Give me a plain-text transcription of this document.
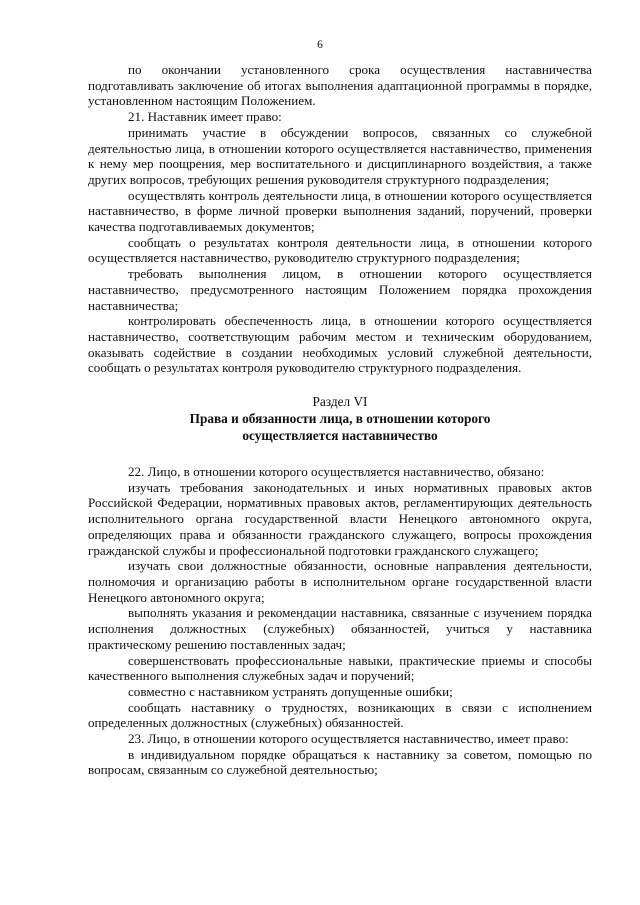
6

по окончании установленного срока осуществления наставничества подготавливать заключение об итогах выполнения адаптационной программы в порядке, установленном настоящим Положением.

21. Наставник имеет право:

принимать участие в обсуждении вопросов, связанных со служебной деятельностью лица, в отношении которого осуществляется наставничество, применения к нему мер поощрения, мер воспитательного и дисциплинарного воздействия, а также других вопросов, требующих решения руководителя структурного подразделения;

осуществлять контроль деятельности лица, в отношении которого осуществляется наставничество, в форме личной проверки выполнения заданий, поручений, проверки качества подготавливаемых документов;

сообщать о результатах контроля деятельности лица, в отношении которого осуществляется наставничество, руководителю структурного подразделения;

требовать выполнения лицом, в отношении которого осуществляется наставничество, предусмотренного настоящим Положением порядка прохождения наставничества;

контролировать обеспеченность лица, в отношении которого осуществляется наставничество, соответствующим рабочим местом и техническим оборудованием, оказывать содействие в создании необходимых условий служебной деятельности, сообщать о результатах контроля руководителю структурного подразделения.

Раздел VI
Права и обязанности лица, в отношении которого
осуществляется наставничество

22. Лицо, в отношении которого осуществляется наставничество, обязано:

изучать требования законодательных и иных нормативных правовых актов Российской Федерации, нормативных правовых актов, регламентирующих деятельность исполнительного органа государственной власти Ненецкого автономного округа, определяющих права и обязанности гражданского служащего, вопросы прохождения гражданской службы и профессиональной подготовки гражданского служащего;

изучать свои должностные обязанности, основные направления деятельности, полномочия и организацию работы в исполнительном органе государственной власти Ненецкого автономного округа;

выполнять указания и рекомендации наставника, связанные с изучением порядка исполнения должностных (служебных) обязанностей, учиться у наставника практическому решению поставленных задач;

совершенствовать профессиональные навыки, практические приемы и способы качественного выполнения служебных задач и поручений;

совместно с наставником устранять допущенные ошибки;

сообщать наставнику о трудностях, возникающих в связи с исполнением определенных должностных (служебных) обязанностей.

23. Лицо, в отношении которого осуществляется наставничество, имеет право:

в индивидуальном порядке обращаться к наставнику за советом, помощью по вопросам, связанным со служебной деятельностью;
